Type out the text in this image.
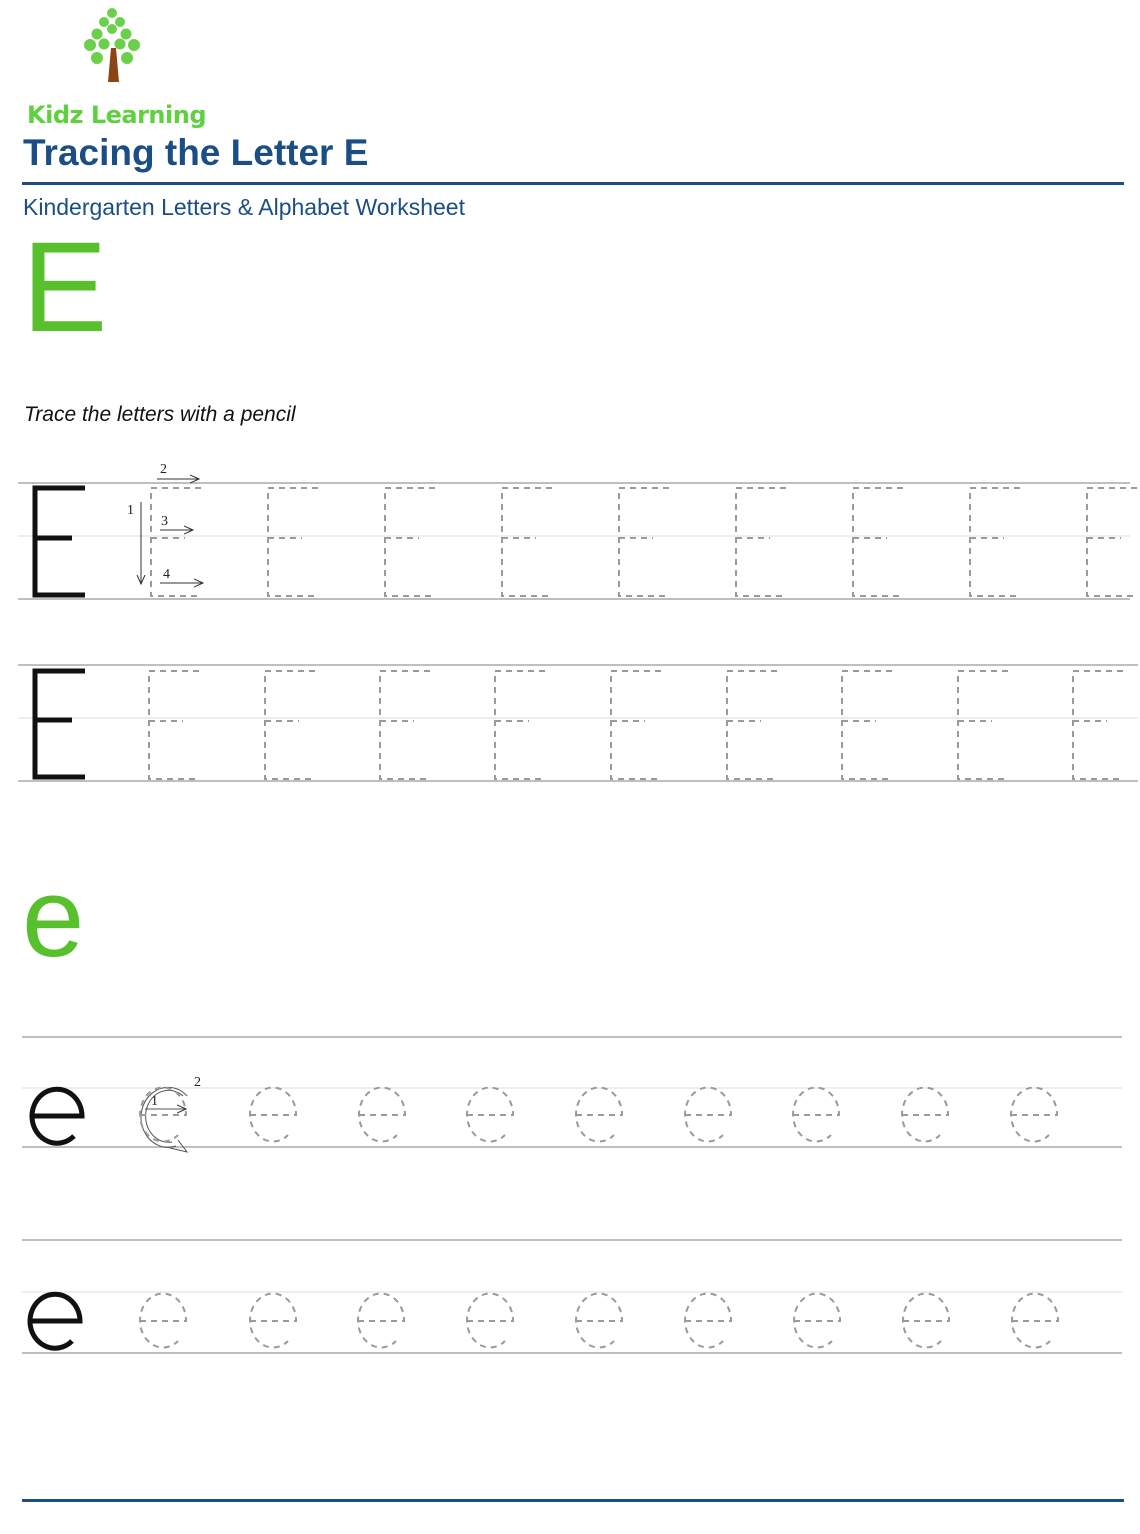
Kidz Learning

Tracing the Letter E

Kindergarten Letters & Alphabet Worksheet

E

Trace the letters with a pencil

e
1
2
3
4
1
2
